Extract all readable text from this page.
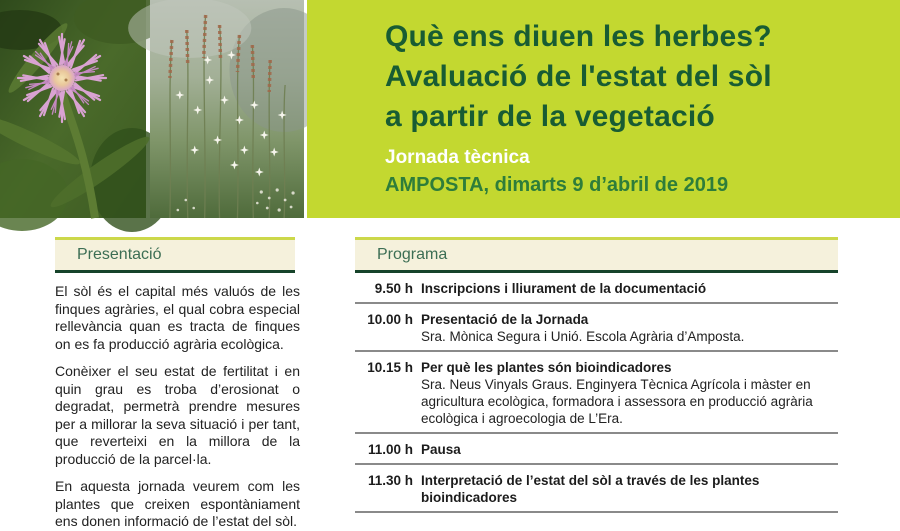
Què ens diuen les herbes?
Avaluació de l'estat del sòl
a partir de la vegetació
Jornada tècnica
AMPOSTA, dimarts 9 d’abril de 2019
Presentació

El sòl és el capital més valuós de les finques agràries, el qual cobra especial rellevància quan es tracta de finques on es fa producció agrària ecològica.

Conèixer el seu estat de fertilitat i en quin grau es troba d’erosionat o degradat, permetrà prendre mesures per a millorar la seva situació i per tant, que reverteixi en la millora de la producció de la parcel·la.

En aquesta jornada veurem com les plantes que creixen espontàniament ens donen informació de l’estat del sòl.

Programa
9.50 h Inscripcions i lliurament de la documentació
10.00 h Presentació de la Jornada
Sra. Mònica Segura i Unió. Escola Agrària d’Amposta.
10.15 h Per què les plantes són bioindicadores
Sra. Neus Vinyals Graus. Enginyera Tècnica Agrícola i màster en agricultura ecològica, formadora i assessora en producció agrària ecològica i agroecologia de L’Era.
11.00 h Pausa
11.30 h Interpretació de l’estat del sòl a través de les plantes bioindicadores
